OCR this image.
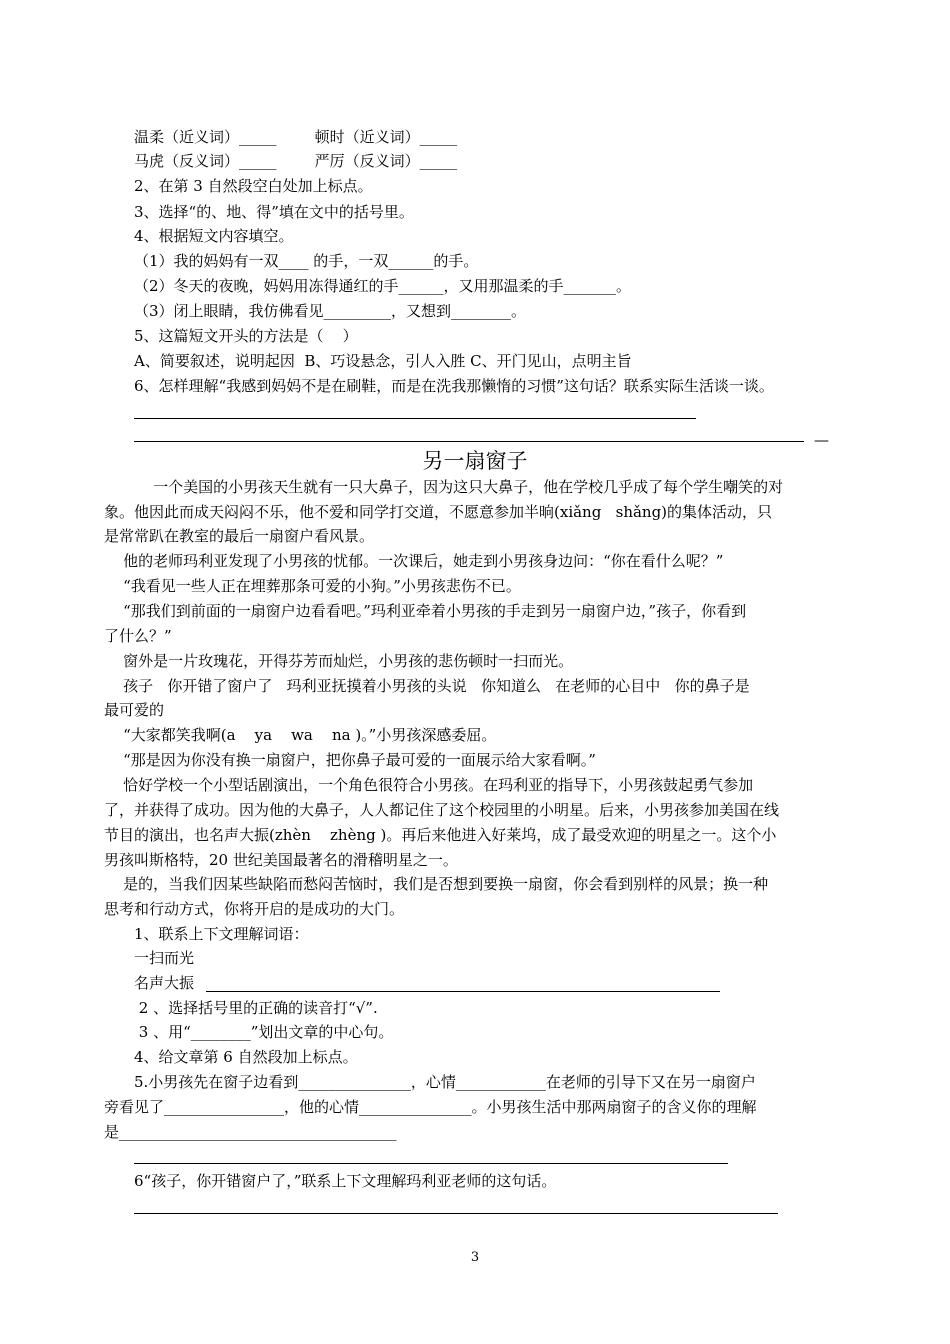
温柔（近义词）_____        顿时（近义词）_____
马虎（反义词）_____        严厉（反义词）_____
2、在第 3 自然段空白处加上标点。
3、选择“的、地、得”填在文中的括号里。
4、根据短文内容填空。
（1）我的妈妈有一双____ 的手，一双______的手。
（2）冬天的夜晚，妈妈用冻得通红的手______，又用那温柔的手_______。
（3）闭上眼睛，我仿佛看见_________，又想到________。
5、这篇短文开头的方法是（    ）
A、简要叙述，说明起因  B、巧设悬念，引人入胜 C、开门见山，点明主旨
6、怎样理解“我感到妈妈不是在刷鞋，而是在洗我那懒惰的习惯”这句话？联系实际生活谈一谈。
—
另一扇窗子
一个美国的小男孩天生就有一只大鼻子，因为这只大鼻子，他在学校几乎成了每个学生嘲笑的对
象。他因此而成天闷闷不乐，他不爱和同学打交道，不愿意参加半晌(xiǎng   shǎng)的集体活动，只
是常常趴在教室的最后一扇窗户看风景。
他的老师玛利亚发现了小男孩的忧郁。一次课后，她走到小男孩身边问：“你在看什么呢？”
“我看见一些人正在埋葬那条可爱的小狗。”小男孩悲伤不已。
“那我们到前面的一扇窗户边看看吧。”玛利亚牵着小男孩的手走到另一扇窗户边，”孩子，你看到
了什么？”
窗外是一片玫瑰花，开得芬芳而灿烂，小男孩的悲伤顿时一扫而光。
孩子   你开错了窗户了   玛利亚抚摸着小男孩的头说   你知道么   在老师的心目中   你的鼻子是
最可爱的
“大家都笑我啊(a    ya    wa    na )。”小男孩深感委屈。
“那是因为你没有换一扇窗户，把你鼻子最可爱的一面展示给大家看啊。”
恰好学校一个小型话剧演出，一个角色很符合小男孩。在玛利亚的指导下，小男孩鼓起勇气参加
了，并获得了成功。因为他的大鼻子，人人都记住了这个校园里的小明星。后来，小男孩参加美国在线
节目的演出，也名声大振(zhèn    zhèng )。再后来他进入好莱坞，成了最受欢迎的明星之一。这个小
男孩叫斯格特，20 世纪美国最著名的滑稽明星之一。
是的，当我们因某些缺陷而愁闷苦恼时，我们是否想到要换一扇窗，你会看到别样的风景；换一种
思考和行动方式，你将开启的是成功的大门。
1、联系上下文理解词语：
一扫而光
名声大振
2 、选择括号里的正确的读音打“√”.
3 、用“________”划出文章的中心句。
4、给文章第 6 自然段加上标点。
5.小男孩先在窗子边看到_______________，心情____________在老师的引导下又在另一扇窗户
旁看见了________________，他的心情_______________。小男孩生活中那两扇窗子的含义你的理解
是_____________________________________
6“孩子，你开错窗户了，”联系上下文理解玛利亚老师的这句话。
3
